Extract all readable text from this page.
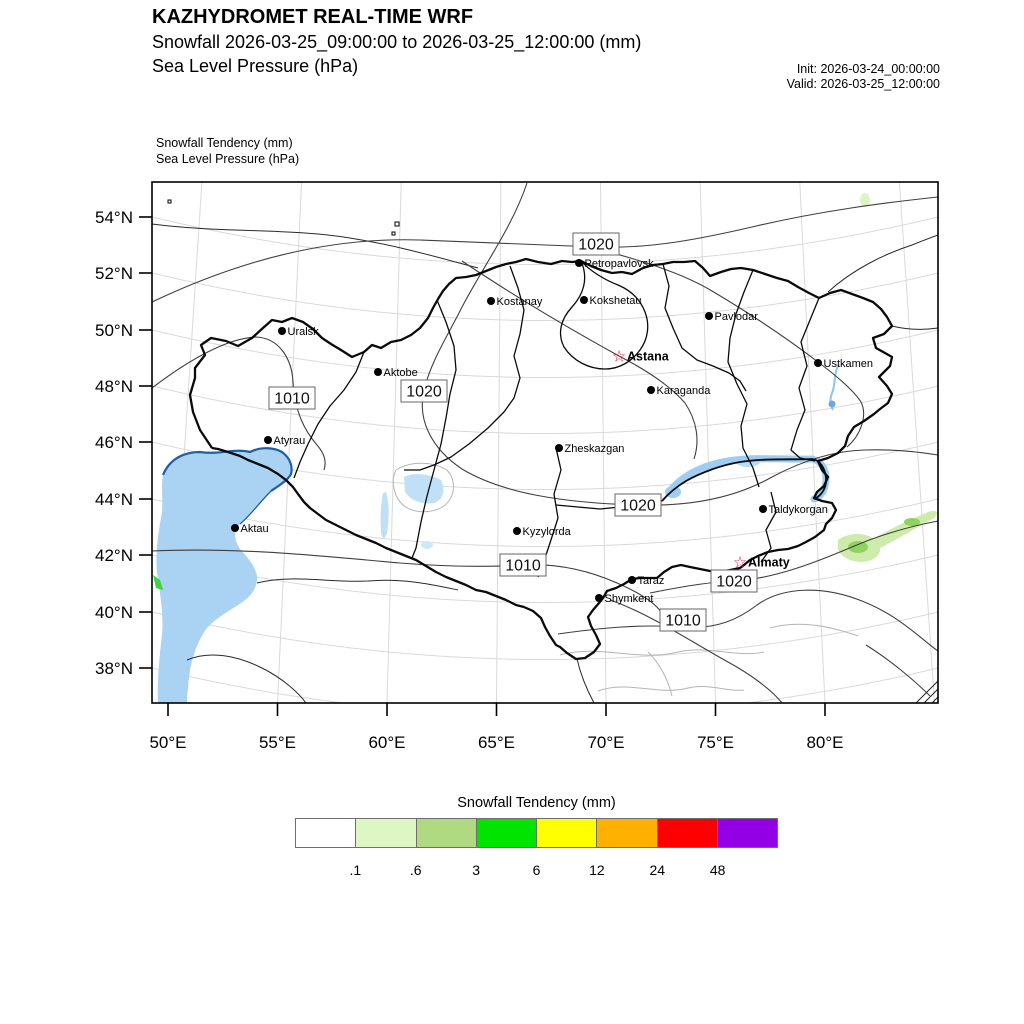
KAZHYDROMET REAL-TIME WRF
Snowfall 2026-03-25_09:00:00 to 2026-03-25_12:00:00 (mm)
Sea Level Pressure (hPa)	Init: 2026-03-24_00:00:00
Valid: 2026-03-25_12:00:00
Snowfall Tendency (mm)
Sea Level Pressure (hPa)
54°N
52°N
50°N
48°N
46°N
44°N
42°N
40°N
38°N
50°E	55°E	60°E	65°E	70°E	75°E	80°E
1020
1010	1020
1020
1010
1020
1010
Petropavlovsk
Kostanay	Kokshetau
Pavlodar
Uralsk
☆ Astana
Aktobe
Ustkamen
Karaganda
Atyrau
Zheskazgan
Aktau	Kyzylorda
Taldykorgan
☆ Almaty
Taraz
Shymkent
Snowfall Tendency (mm)
.1	.6	3	6	12	24	48
